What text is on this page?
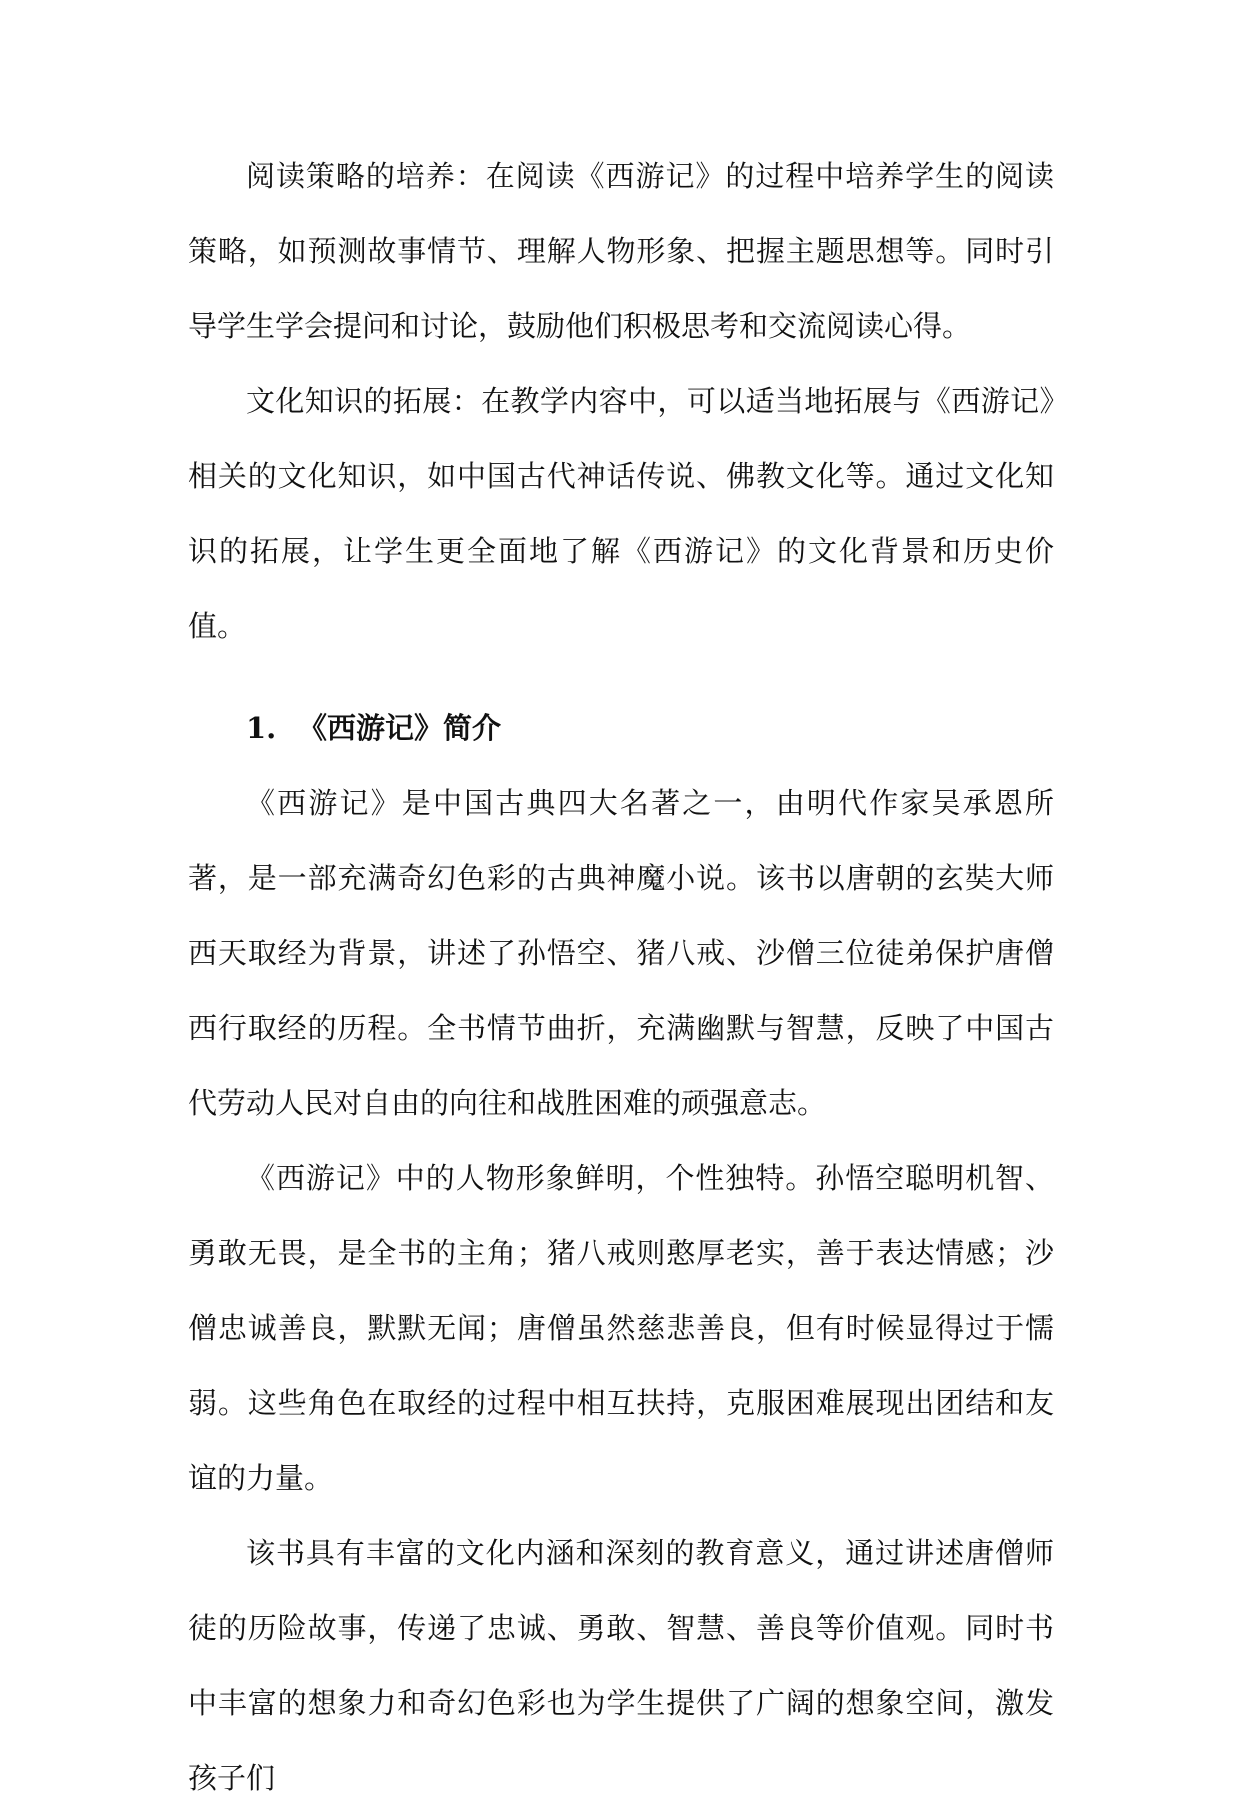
阅读策略的培养：在阅读《西游记》的过程中培养学生的阅读策略，如预测故事情节、理解人物形象、把握主题思想等。同时引导学生学会提问和讨论，鼓励他们积极思考和交流阅读心得。

文化知识的拓展：在教学内容中，可以适当地拓展与《西游记》相关的文化知识，如中国古代神话传说、佛教文化等。通过文化知识的拓展，让学生更全面地了解《西游记》的文化背景和历史价值。

1. 《西游记》简介

《西游记》是中国古典四大名著之一，由明代作家吴承恩所著，是一部充满奇幻色彩的古典神魔小说。该书以唐朝的玄奘大师西天取经为背景，讲述了孙悟空、猪八戒、沙僧三位徒弟保护唐僧西行取经的历程。全书情节曲折，充满幽默与智慧，反映了中国古代劳动人民对自由的向往和战胜困难的顽强意志。

《西游记》中的人物形象鲜明，个性独特。孙悟空聪明机智、勇敢无畏，是全书的主角；猪八戒则憨厚老实，善于表达情感；沙僧忠诚善良，默默无闻；唐僧虽然慈悲善良，但有时候显得过于懦弱。这些角色在取经的过程中相互扶持，克服困难展现出团结和友谊的力量。

该书具有丰富的文化内涵和深刻的教育意义，通过讲述唐僧师徒的历险故事，传递了忠诚、勇敢、智慧、善良等价值观。同时书中丰富的想象力和奇幻色彩也为学生提供了广阔的想象空间，激发孩子们
